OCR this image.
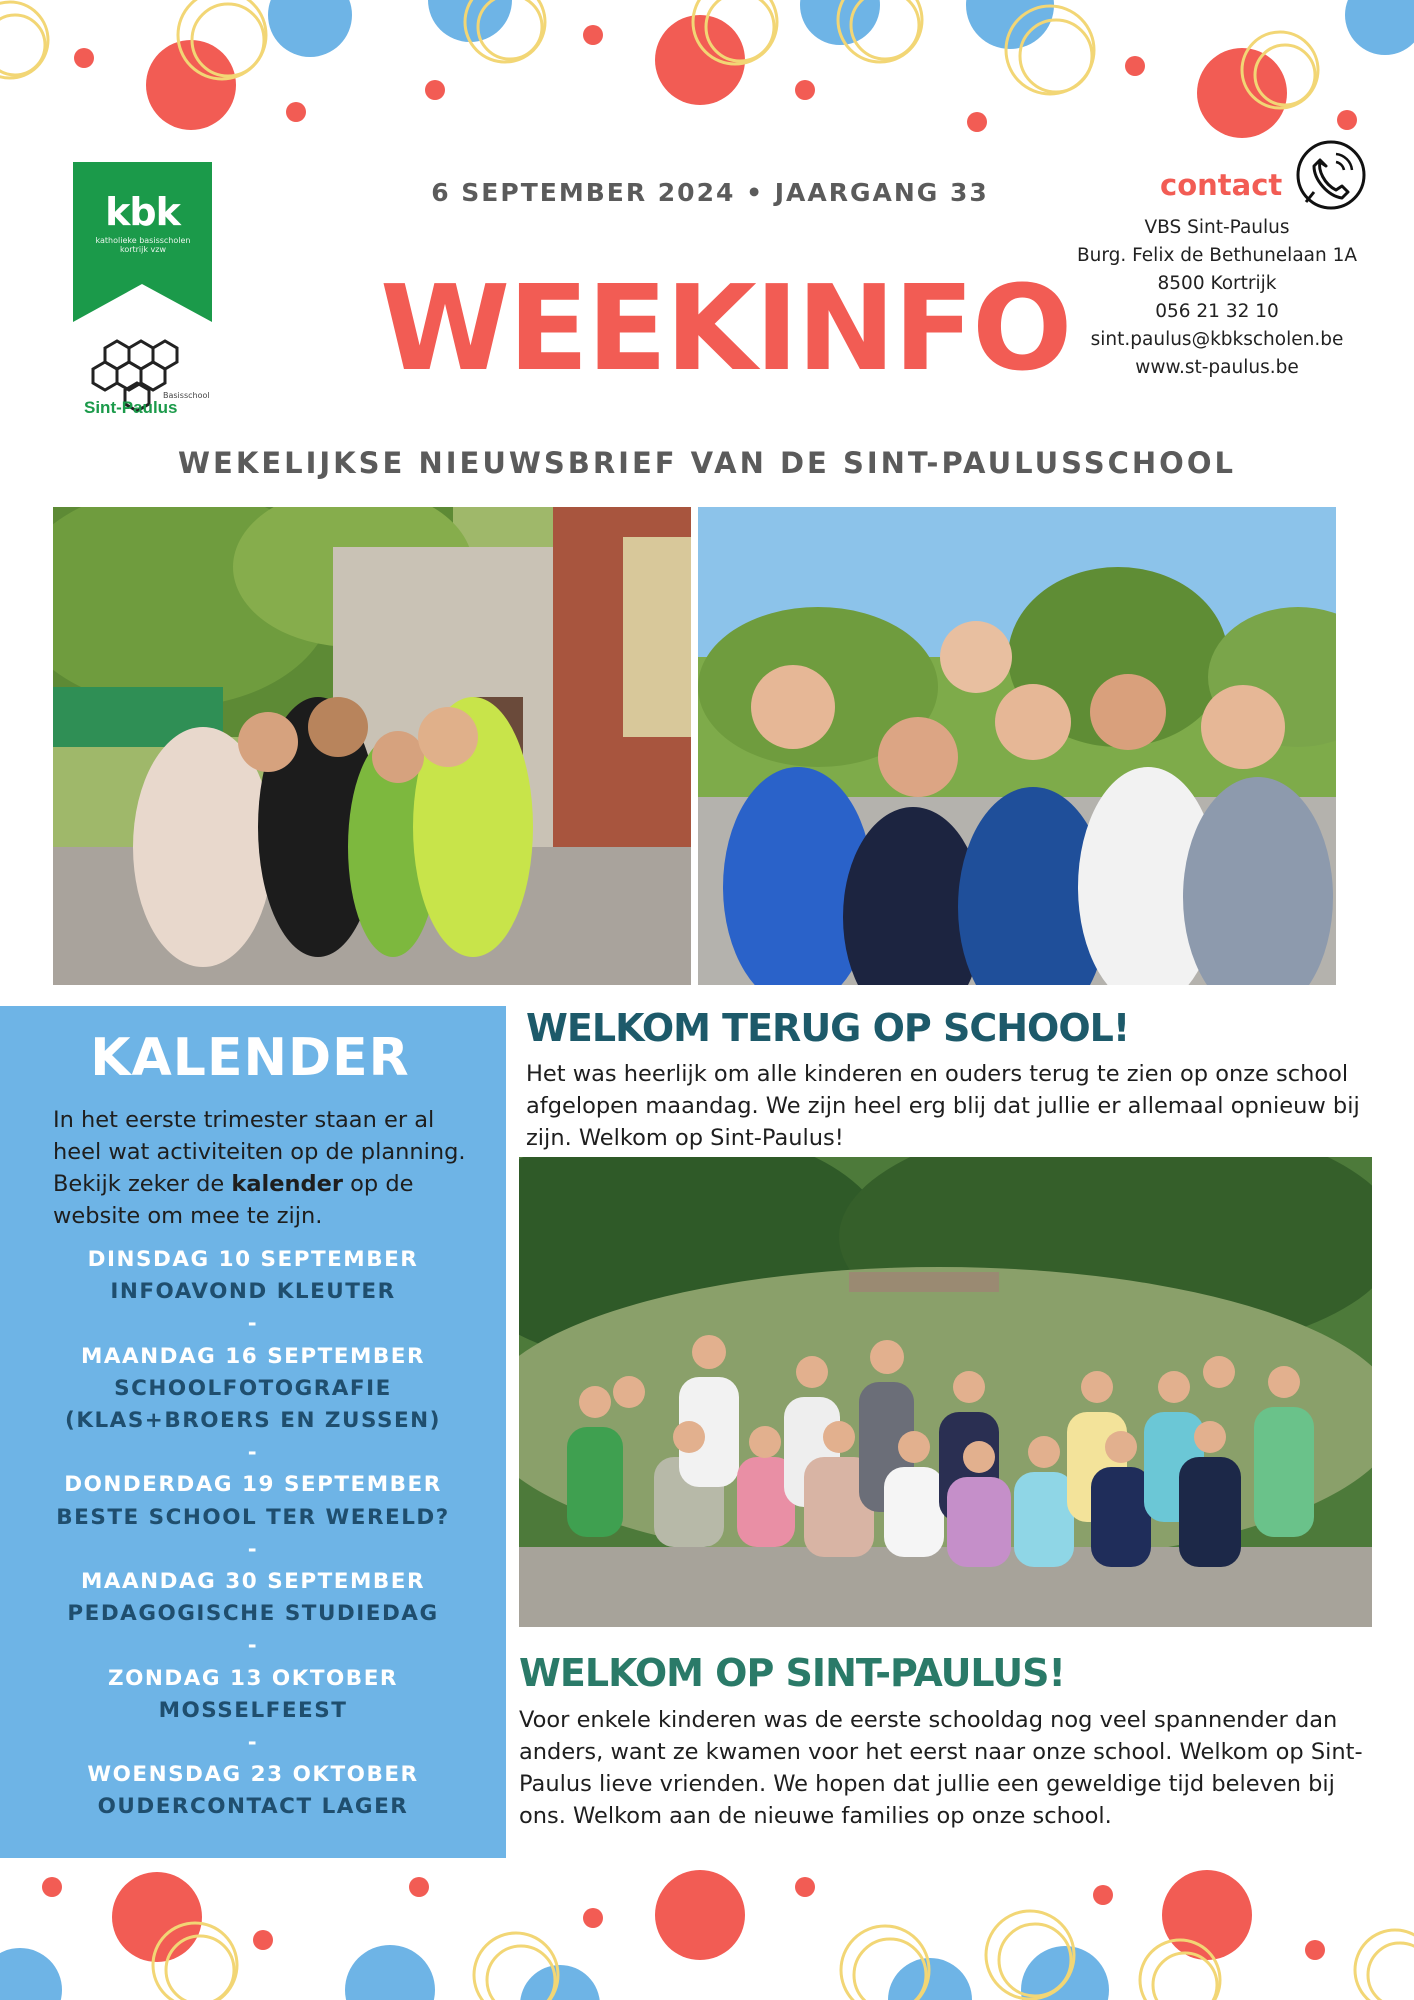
kbk
katholieke basisscholen kortrijk vzw
Sint-Paulus
Basisschool
6 SEPTEMBER 2024 • JAARGANG 33
WEEKINFO
WEKELIJKSE NIEUWSBRIEF VAN DE SINT-PAULUSSCHOOL
contact
VBS Sint-Paulus
Burg. Felix de Bethunelaan 1A
8500 Kortrijk
056 21 32 10
sint.paulus@kbkscholen.be
www.st-paulus.be
KALENDER
In het eerste trimester staan er al heel wat activiteiten op de planning. Bekijk zeker de kalender op de website om mee te zijn.
DINSDAG 10 SEPTEMBER
INFOAVOND KLEUTER
-
MAANDAG 16 SEPTEMBER
SCHOOLFOTOGRAFIE
(KLAS+BROERS EN ZUSSEN)
-
DONDERDAG 19 SEPTEMBER
BESTE SCHOOL TER WERELD?
-
MAANDAG 30 SEPTEMBER
PEDAGOGISCHE STUDIEDAG
-
ZONDAG 13 OKTOBER
MOSSELFEEST
-
WOENSDAG 23 OKTOBER
OUDERCONTACT LAGER
WELKOM TERUG OP SCHOOL!
Het was heerlijk om alle kinderen en ouders terug te zien op onze school afgelopen maandag. We zijn heel erg blij dat jullie er allemaal opnieuw bij zijn. Welkom op Sint-Paulus!
WELKOM OP SINT-PAULUS!
Voor enkele kinderen was de eerste schooldag nog veel spannender dan anders, want ze kwamen voor het eerst naar onze school. Welkom op Sint-Paulus lieve vrienden. We hopen dat jullie een geweldige tijd beleven bij ons. Welkom aan de nieuwe families op onze school.
